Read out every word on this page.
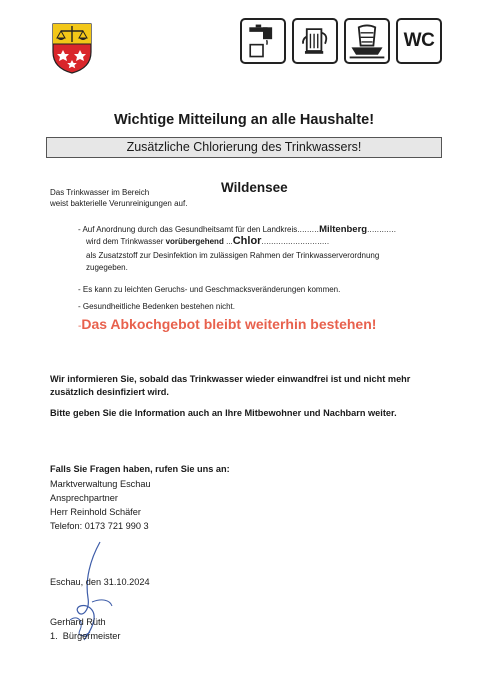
WC
Wichtige Mitteilung an alle Haushalte!
Zusätzliche Chlorierung des Trinkwassers!
Das Trinkwasser im Bereich	Wildensee
weist bakterielle Verunreinigungen auf.
- Auf Anordnung durch das Gesundheitsamt für den Landkreis.........Miltenberg............
wird dem Trinkwasser vorübergehend ...Chlor............................
als Zusatzstoff zur Desinfektion im zulässigen Rahmen der Trinkwasserverordnung
zugegeben.
- Es kann zu leichten Geruchs- und Geschmacksveränderungen kommen.
- Gesundheitliche Bedenken bestehen nicht.
-Das Abkochgebot bleibt weiterhin bestehen!
Wir informieren Sie, sobald das Trinkwasser wieder einwandfrei ist und nicht mehr zusätzlich desinfiziert wird.
Bitte geben Sie die Information auch an Ihre Mitbewohner und Nachbarn weiter.
Falls Sie Fragen haben, rufen Sie uns an:
Marktverwaltung Eschau
Ansprechpartner
Herr Reinhold Schäfer
Telefon: 0173 721 990 3
Eschau, den 31.10.2024
Gerhard Rüth
1.  Bürgermeister
